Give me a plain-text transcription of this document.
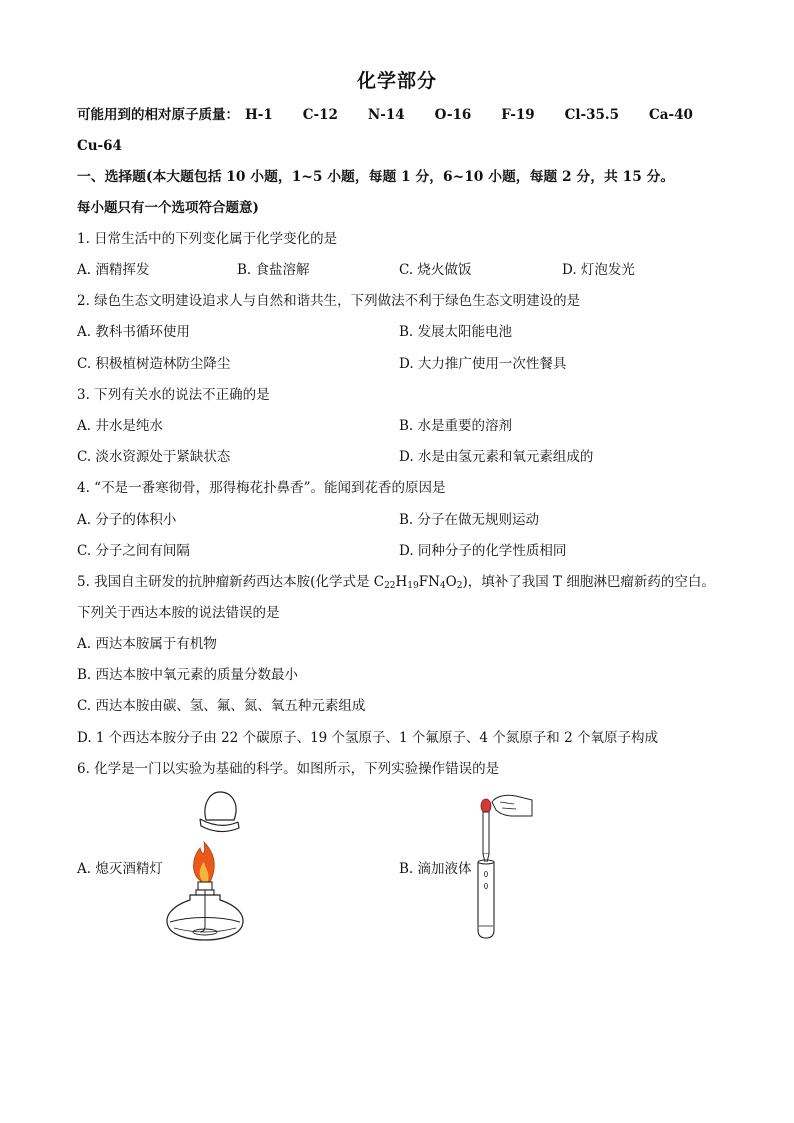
化学部分
可能用到的相对原子质量： H-1 C-12 N-14 O-16 F-19 Cl-35.5 Ca-40
Cu-64
一、选择题(本大题包括 10 小题，1~5 小题，每题 1 分，6~10 小题，每题 2 分，共 15 分。
每小题只有一个选项符合题意)
1. 日常生活中的下列变化属于化学变化的是
A. 酒精挥发	B. 食盐溶解	C. 烧火做饭	D. 灯泡发光
2. 绿色生态文明建设追求人与自然和谐共生，下列做法不利于绿色生态文明建设的是
A. 教科书循环使用	B. 发展太阳能电池
C. 积极植树造林防尘降尘	D. 大力推广使用一次性餐具
3. 下列有关水的说法不正确的是
A. 井水是纯水	B. 水是重要的溶剂
C. 淡水资源处于紧缺状态	D. 水是由氢元素和氧元素组成的
4. “不是一番寒彻骨，那得梅花扑鼻香”。能闻到花香的原因是
A. 分子的体积小	B. 分子在做无规则运动
C. 分子之间有间隔	D. 同种分子的化学性质相同
5. 我国自主研发的抗肿瘤新药西达本胺(化学式是 $C_{22}H_{19}FN_4O_2$)，填补了我国 T 细胞淋巴瘤新药的空白。
下列关于西达本胺的说法错误的是
A. 西达本胺属于有机物
B. 西达本胺中氧元素的质量分数最小
C. 西达本胺由碳、氢、氟、氮、氧五种元素组成
D. 1 个西达本胺分子由 22 个碳原子、19 个氢原子、1 个氟原子、4 个氮原子和 2 个氧原子构成
6. 化学是一门以实验为基础的科学。如图所示，下列实验操作错误的是
A. 熄灭酒精灯	B. 滴加液体
